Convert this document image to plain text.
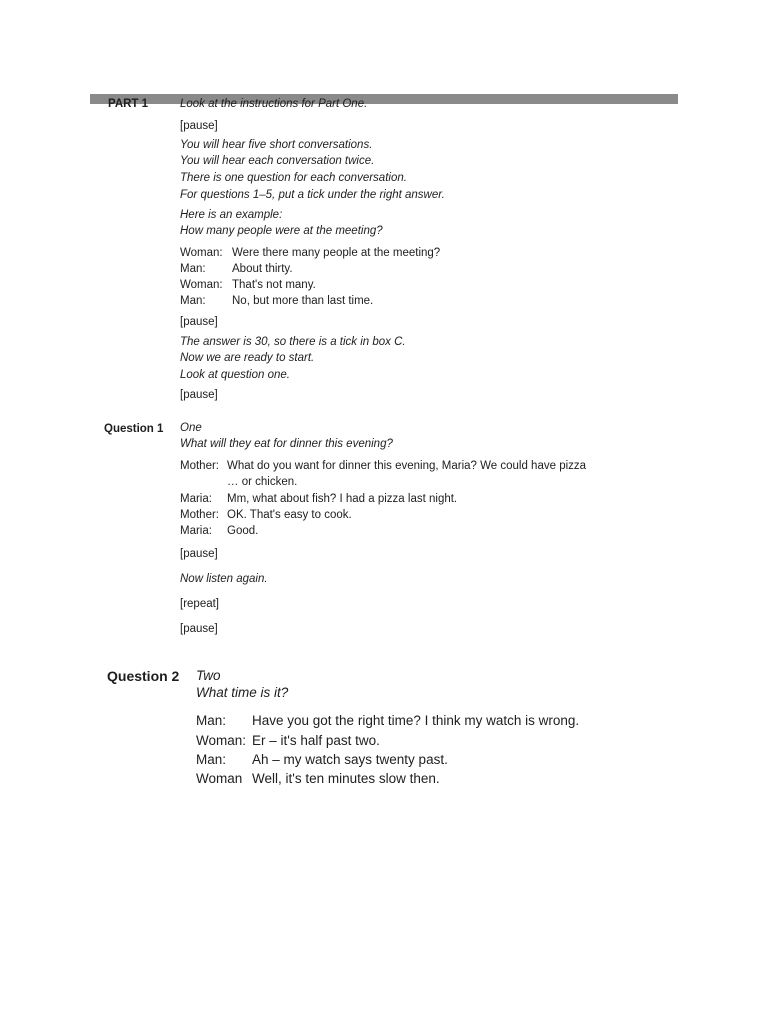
PART 1	Look at the instructions for Part One.
[pause]
You will hear five short conversations.
You will hear each conversation twice.
There is one question for each conversation.
For questions 1–5, put a tick under the right answer.
Here is an example:
How many people were at the meeting?
Woman: Were there many people at the meeting?
Man: About thirty.
Woman: That's not many.
Man: No, but more than last time.
[pause]
The answer is 30, so there is a tick in box C.
Now we are ready to start.
Look at question one.
[pause]
Question 1 One
What will they eat for dinner this evening?
Mother: What do you want for dinner this evening, Maria? We could have pizza
… or chicken.
Maria: Mm, what about fish? I had a pizza last night.
Mother: OK. That's easy to cook.
Maria: Good.
[pause]
Now listen again.
[repeat]
[pause]
Question 2 Two
What time is it?
Man: Have you got the right time? I think my watch is wrong.
Woman: Er – it's half past two.
Man: Ah – my watch says twenty past.
Woman Well, it's ten minutes slow then.
